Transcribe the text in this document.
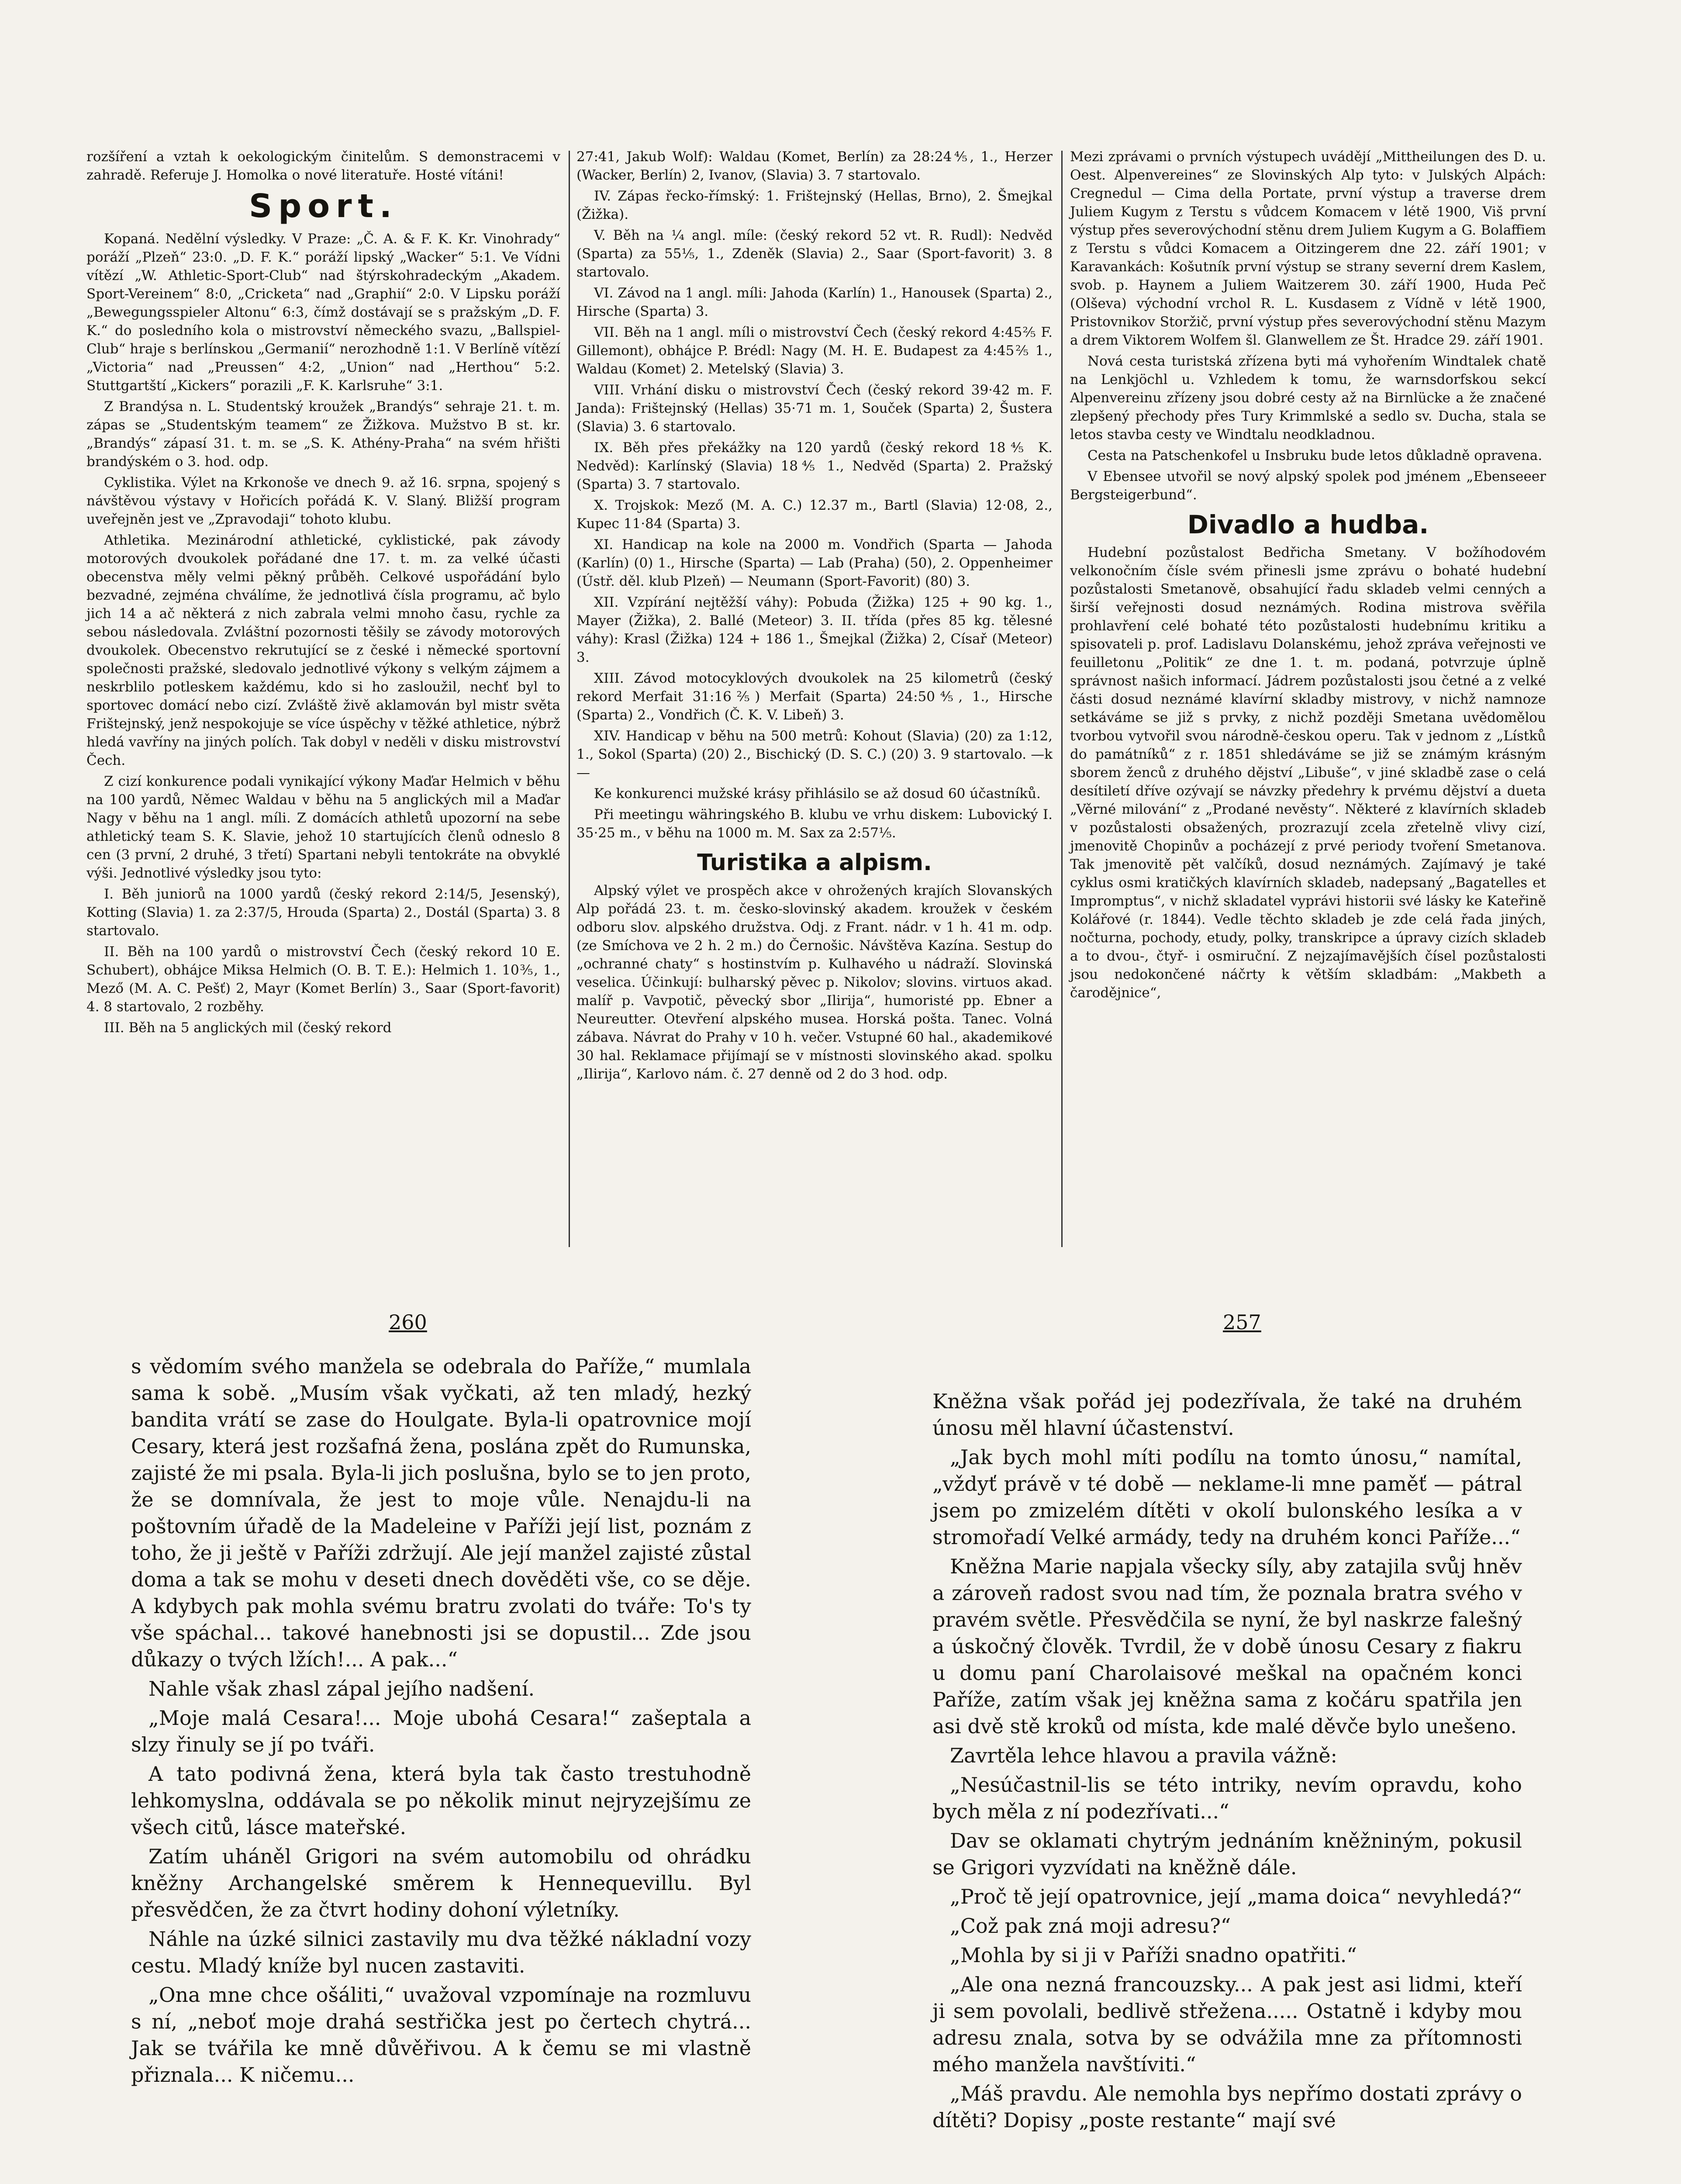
rozšíření a vztah k oekologickým činitelům. S demonstracemi v zahradě. Referuje J. Homolka o nové literatuře. Hosté vítáni!

Sport.

Kopaná. Nedělní výsledky. V Praze: „Č. A. & F. K. Kr. Vinohrady“ poráží „Plzeň“ 23:0. „D. F. K.“ poráží lipský „Wacker“ 5:1. Ve Vídni vítězí „W. Athletic-Sport-Club“ nad štýrskohradeckým „Akadem. Sport-Vereinem“ 8:0, „Cricketa“ nad „Graphií“ 2:0. V Lipsku poráží „Bewegungsspieler Altonu“ 6:3, čímž dostávají se s pražským „D. F. K.“ do posledního kola o mistrovství německého svazu, „Ballspiel-Club“ hraje s berlínskou „Germanií“ nerozhodně 1:1. V Berlíně vítězí „Victoria“ nad „Preussen“ 4:2, „Union“ nad „Herthou“ 5:2. Stuttgartští „Kickers“ porazili „F. K. Karlsruhe“ 3:1.

Z Brandýsa n. L. Studentský kroužek „Brandýs“ sehraje 21. t. m. zápas se „Studentským teamem“ ze Žižkova. Mužstvo B st. kr. „Brandýs“ zápasí 31. t. m. se „S. K. Athény-Praha“ na svém hřišti brandýském o 3. hod. odp.

Cyklistika. Výlet na Krkonoše ve dnech 9. až 16. srpna, spojený s návštěvou výstavy v Hořicích pořádá K. V. Slaný. Bližší program uveřejněn jest ve „Zpravodaji“ tohoto klubu.

Athletika. Mezinárodní athletické, cyklistické, pak závody motorových dvoukolek pořádané dne 17. t. m. za velké účasti obecenstva měly velmi pěkný průběh. Celkové uspořádání bylo bezvadné, zejména chválíme, že jednotlivá čísla programu, ač bylo jich 14 a ač některá z nich zabrala velmi mnoho času, rychle za sebou následovala. Zvláštní pozornosti těšily se závody motorových dvoukolek. Obecenstvo rekrutující se z české i německé sportovní společnosti pražské, sledovalo jednotlivé výkony s velkým zájmem a neskrblilo potleskem každému, kdo si ho zasloužil, nechť byl to sportovec domácí nebo cizí. Zvláště živě aklamován byl mistr světa Frištejnský, jenž nespokojuje se více úspěchy v těžké athletice, nýbrž hledá vavříny na jiných polích. Tak dobyl v neděli v disku mistrovství Čech.

Z cizí konkurence podali vynikající výkony Maďar Helmich v běhu na 100 yardů, Němec Waldau v běhu na 5 anglických mil a Maďar Nagy v běhu na 1 angl. míli. Z domácích athletů upozorní na sebe athletický team S. K. Slavie, jehož 10 startujících členů odneslo 8 cen (3 první, 2 druhé, 3 třetí) Spartani nebyli tentokráte na obvyklé výši. Jednotlivé výsledky jsou tyto:

I. Běh juniorů na 1000 yardů (český rekord 2:14/5, Jesenský), Kotting (Slavia) 1. za 2:37/5, Hrouda (Sparta) 2., Dostál (Sparta) 3. 8 startovalo.

II. Běh na 100 yardů o mistrovství Čech (český rekord 10 E. Schubert), obhájce Miksa Helmich (O. B. T. E.): Helmich 1. 10⅗, 1., Mező (M. A. C. Pešť) 2, Mayr (Komet Berlín) 3., Saar (Sport-favorit) 4. 8 startovalo, 2 rozběhy.

III. Běh na 5 anglických mil (český rekord

27:41, Jakub Wolf): Waldau (Komet, Berlín) za 28:24⅘, 1., Herzer (Wacker, Berlín) 2, Ivanov, (Slavia) 3. 7 startovalo.

IV. Zápas řecko-římský: 1. Frištejnský (Hellas, Brno), 2. Šmejkal (Žižka).

V. Běh na ¼ angl. míle: (český rekord 52 vt. R. Rudl): Nedvěd (Sparta) za 55⅕, 1., Zdeněk (Slavia) 2., Saar (Sport-favorit) 3. 8 startovalo.

VI. Závod na 1 angl. míli: Jahoda (Karlín) 1., Hanousek (Sparta) 2., Hirsche (Sparta) 3.

VII. Běh na 1 angl. míli o mistrovství Čech (český rekord 4:45⅖ F. Gillemont), obhájce P. Brédl: Nagy (M. H. E. Budapest za 4:45⅖ 1., Waldau (Komet) 2. Metelský (Slavia) 3.

VIII. Vrhání disku o mistrovství Čech (český rekord 39·42 m. F. Janda): Frištejnský (Hellas) 35·71 m. 1, Souček (Sparta) 2, Šustera (Slavia) 3. 6 startovalo.

IX. Běh přes překážky na 120 yardů (český rekord 18⅘ K. Nedvěd): Karlínský (Slavia) 18⅘ 1., Nedvěd (Sparta) 2. Pražský (Sparta) 3. 7 startovalo.

X. Trojskok: Mező (M. A. C.) 12.37 m., Bartl (Slavia) 12·08, 2., Kupec 11·84 (Sparta) 3.

XI. Handicap na kole na 2000 m. Vondřich (Sparta — Jahoda (Karlín) (0) 1., Hirsche (Sparta) — Lab (Praha) (50), 2. Oppenheimer (Ústř. děl. klub Plzeň) — Neumann (Sport-Favorit) (80) 3.

XII. Vzpírání nejtěžší váhy): Pobuda (Žižka) 125 + 90 kg. 1., Mayer (Žižka), 2. Ballé (Meteor) 3. II. třída (přes 85 kg. tělesné váhy): Krasl (Žižka) 124 + 186 1., Šmejkal (Žižka) 2, Císař (Meteor) 3.

XIII. Závod motocyklových dvoukolek na 25 kilometrů (český rekord Merfait 31:16⅖) Merfait (Sparta) 24:50⅘, 1., Hirsche (Sparta) 2., Vondřich (Č. K. V. Libeň) 3.

XIV. Handicap v běhu na 500 metrů: Kohout (Slavia) (20) za 1:12, 1., Sokol (Sparta) (20) 2., Bischický (D. S. C.) (20) 3. 9 startovalo. —k—

Ke konkurenci mužské krásy přihlásilo se až dosud 60 účastníků.

Při meetingu währingského B. klubu ve vrhu diskem: Lubovický I. 35·25 m., v běhu na 1000 m. M. Sax za 2:57⅕.

Turistika a alpism.

Alpský výlet ve prospěch akce v ohrožených krajích Slovanských Alp pořádá 23. t. m. česko-slovinský akadem. kroužek v českém odboru slov. alpského družstva. Odj. z Frant. nádr. v 1 h. 41 m. odp. (ze Smíchova ve 2 h. 2 m.) do Černošic. Návštěva Kazína. Sestup do „ochranné chaty“ s hostinstvím p. Kulhavého u nádraží. Slovinská veselica. Účinkují: bulharský pěvec p. Nikolov; slovins. virtuos akad. malíř p. Vavpotič, pěvecký sbor „Ilirija“, humoristé pp. Ebner a Neureutter. Otevření alpského musea. Horská pošta. Tanec. Volná zábava. Návrat do Prahy v 10 h. večer. Vstupné 60 hal., akademikové 30 hal. Reklamace přijímají se v místnosti slovinského akad. spolku „Ilirija“, Karlovo nám. č. 27 denně od 2 do 3 hod. odp.

Mezi zprávami o prvních výstupech uvádějí „Mittheilungen des D. u. Oest. Alpenvereines“ ze Slovinských Alp tyto: v Julských Alpách: Cregnedul — Cima della Portate, první výstup a traverse drem Juliem Kugym z Terstu s vůdcem Komacem v létě 1900, Viš první výstup přes severovýchodní stěnu drem Juliem Kugym a G. Bolaffiem z Terstu s vůdci Komacem a Oitzingerem dne 22. září 1901; v Karavankách: Košutník první výstup se strany severní drem Kaslem, svob. p. Haynem a Juliem Waitzerem 30. září 1900, Huda Peč (Olševa) východní vrchol R. L. Kusdasem z Vídně v létě 1900, Pristovnikov Storžič, první výstup přes severovýchodní stěnu Mazym a drem Viktorem Wolfem šl. Glanwellem ze Št. Hradce 29. září 1901.

Nová cesta turistská zřízena byti má vyhořením Windtalek chatě na Lenkjöchl u. Vzhledem k tomu, že warnsdorfskou sekcí Alpenvereinu zřízeny jsou dobré cesty až na Birnlücke a že značené zlepšený přechody přes Tury Krimmlské a sedlo sv. Ducha, stala se letos stavba cesty ve Windtalu neodkladnou.

Cesta na Patschenkofel u Insbruku bude letos důkladně opravena.

V Ebensee utvořil se nový alpský spolek pod jménem „Ebenseeer Bergsteigerbund“.

Divadlo a hudba.

Hudební pozůstalost Bedřicha Smetany. V božíhodovém velkonočním čísle svém přinesli jsme zprávu o bohaté hudební pozůstalosti Smetanově, obsahující řadu skladeb velmi cenných a širší veřejnosti dosud neznámých. Rodina mistrova svěřila prohlavření celé bohaté této pozůstalosti hudebnímu kritiku a spisovateli p. prof. Ladislavu Dolanskému, jehož zpráva veřejnosti ve feuilletonu „Politik“ ze dne 1. t. m. podaná, potvrzuje úplně správnost našich informací. Jádrem pozůstalosti jsou četné a z velké části dosud neznámé klavírní skladby mistrovy, v nichž namnoze setkáváme se již s prvky, z nichž později Smetana uvědomělou tvorbou vytvořil svou národně-českou operu. Tak v jednom z „Lístků do památníků“ z r. 1851 shledáváme se již se známým krásným sborem ženců z druhého dějství „Libuše“, v jiné skladbě zase o celá desítiletí dříve ozývají se návzky předehry k prvému dějství a dueta „Věrné milování“ z „Prodané nevěsty“. Některé z klavírních skladeb v pozůstalosti obsažených, prozrazují zcela zřetelně vlivy cizí, jmenovitě Chopinův a pocházejí z prvé periody tvoření Smetanova. Tak jmenovitě pět valčíků, dosud neznámých. Zajímavý je také cyklus osmi kratičkých klavírních skladeb, nadepsaný „Bagatelles et Impromptus“, v nichž skladatel vyprávi historii své lásky ke Kateřině Kolářové (r. 1844). Vedle těchto skladeb je zde celá řada jiných, nočturna, pochody, etudy, polky, transkripce a úpravy cizích skladeb a to dvou-, čtyř- i osmiruční. Z nejzajímavějších čísel pozůstalosti jsou nedokončené náčrty k větším skladbám: „Makbeth a čarodějnice“,

260	257

s vědomím svého manžela se odebrala do Paříže,“ mumlala sama k sobě. „Musím však vyčkati, až ten mladý, hezký bandita vrátí se zase do Houlgate. Byla-li opatrovnice mojí Cesary, která jest rozšafná žena, poslána zpět do Rumunska, zajisté že mi psala. Byla-li jich poslušna, bylo se to jen proto, že se domnívala, že jest to moje vůle. Nenajdu-li na poštovním úřadě de la Madeleine v Paříži její list, poznám z toho, že ji ještě v Paříži zdržují. Ale její manžel zajisté zůstal doma a tak se mohu v deseti dnech dověděti vše, co se děje. A kdybych pak mohla svému bratru zvolati do tváře: To's ty vše spáchal... takové hanebnosti jsi se dopustil... Zde jsou důkazy o tvých lžích!... A pak...“

Nahle však zhasl zápal jejího nadšení.

„Moje malá Cesara!... Moje ubohá Cesara!“ zašeptala a slzy řinuly se jí po tváři.

A tato podivná žena, která byla tak často trestuhodně lehkomyslna, oddávala se po několik minut nejryzejšímu ze všech citů, lásce mateřské.

Zatím uháněl Grigori na svém automobilu od ohrádku kněžny Archangelské směrem k Hennequevillu. Byl přesvědčen, že za čtvrt hodiny dohoní výletníky.

Náhle na úzké silnici zastavily mu dva těžké nákladní vozy cestu. Mladý kníže byl nucen zastaviti.

„Ona mne chce ošáliti,“ uvažoval vzpomínaje na rozmluvu s ní, „neboť moje drahá sestřička jest po čertech chytrá... Jak se tvářila ke mně důvěřivou. A k čemu se mi vlastně přiznala... K ničemu...

Kněžna však pořád jej podezřívala, že také na druhém únosu měl hlavní účastenství.

„Jak bych mohl míti podílu na tomto únosu,“ namítal, „vždyť právě v té době — neklame-li mne paměť — pátral jsem po zmizelém dítěti v okolí bulonského lesíka a v stromořadí Velké armády, tedy na druhém konci Paříže...“

Kněžna Marie napjala všecky síly, aby zatajila svůj hněv a zároveň radost svou nad tím, že poznala bratra svého v pravém světle. Přesvědčila se nyní, že byl naskrze falešný a úskočný člověk. Tvrdil, že v době únosu Cesary z fiakru u domu paní Charolaisové meškal na opačném konci Paříže, zatím však jej kněžna sama z kočáru spatřila jen asi dvě stě kroků od místa, kde malé děvče bylo unešeno.

Zavrtěla lehce hlavou a pravila vážně:

„Nesúčastnil-lis se této intriky, nevím opravdu, koho bych měla z ní podezřívati...“

Dav se oklamati chytrým jednáním kněžniným, pokusil se Grigori vyzvídati na kněžně dále.

„Proč tě její opatrovnice, její „mama doica“ nevyhledá?“

„Což pak zná moji adresu?“

„Mohla by si ji v Paříži snadno opatřiti.“

„Ale ona nezná francouzsky... A pak jest asi lidmi, kteří ji sem povolali, bedlivě střežena..... Ostatně i kdyby mou adresu znala, sotva by se odvážila mne za přítomnosti mého manžela navštíviti.“

„Máš pravdu. Ale nemohla bys nepřímo dostati zprávy o dítěti? Dopisy „poste restante“ mají své
